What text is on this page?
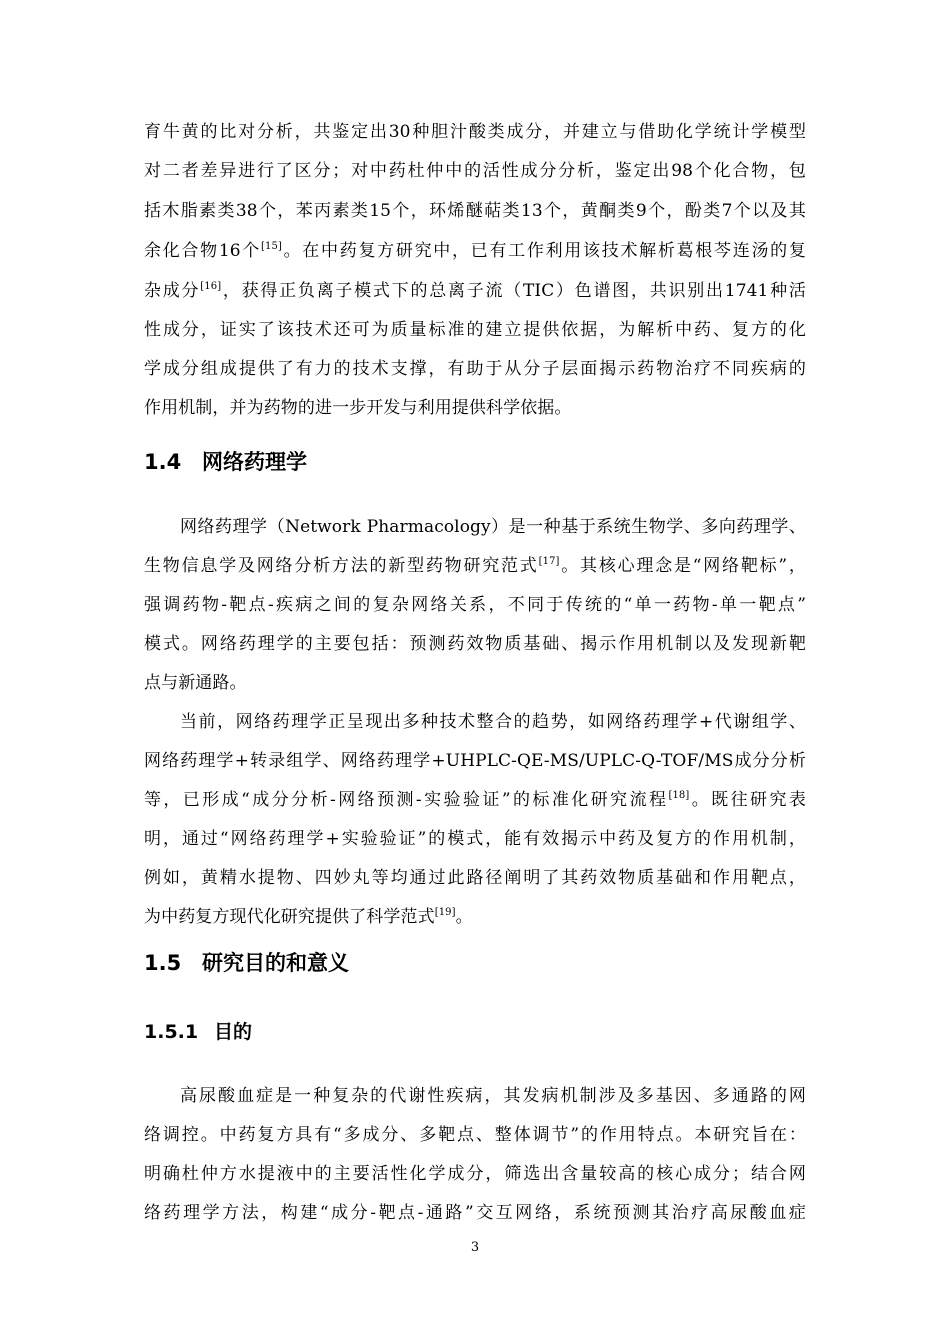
育牛黄的比对分析，共鉴定出30种胆汁酸类成分，并建立与借助化学统计学模型
对二者差异进行了区分；对中药杜仲中的活性成分分析，鉴定出98个化合物，包
括木脂素类38个，苯丙素类15个，环烯醚萜类13个，黄酮类9个，酚类7个以及其
余化合物16个[15]。在中药复方研究中，已有工作利用该技术解析葛根芩连汤的复
杂成分[16]，获得正负离子模式下的总离子流（TIC）色谱图，共识别出1741种活
性成分，证实了该技术还可为质量标准的建立提供依据，为解析中药、复方的化
学成分组成提供了有力的技术支撑，有助于从分子层面揭示药物治疗不同疾病的
作用机制，并为药物的进一步开发与利用提供科学依据。
1.4 网络药理学
网络药理学（Network Pharmacology）是一种基于系统生物学、多向药理学、
生物信息学及网络分析方法的新型药物研究范式[17]。其核心理念是“网络靶标”，
强调药物-靶点-疾病之间的复杂网络关系，不同于传统的“单一药物-单一靶点”
模式。网络药理学的主要包括：预测药效物质基础、揭示作用机制以及发现新靶
点与新通路。
当前，网络药理学正呈现出多种技术整合的趋势，如网络药理学+代谢组学、
网络药理学+转录组学、网络药理学+UHPLC-QE-MS/UPLC-Q-TOF/MS成分分析
等，已形成“成分分析-网络预测-实验验证”的标准化研究流程[18]。既往研究表
明，通过“网络药理学+实验验证”的模式，能有效揭示中药及复方的作用机制，
例如，黄精水提物、四妙丸等均通过此路径阐明了其药效物质基础和作用靶点，
为中药复方现代化研究提供了科学范式[19]。
1.5 研究目的和意义
1.5.1 目的
高尿酸血症是一种复杂的代谢性疾病，其发病机制涉及多基因、多通路的网
络调控。中药复方具有“多成分、多靶点、整体调节”的作用特点。本研究旨在：
明确杜仲方水提液中的主要活性化学成分，筛选出含量较高的核心成分；结合网
络药理学方法，构建“成分-靶点-通路”交互网络，系统预测其治疗高尿酸血症
3
